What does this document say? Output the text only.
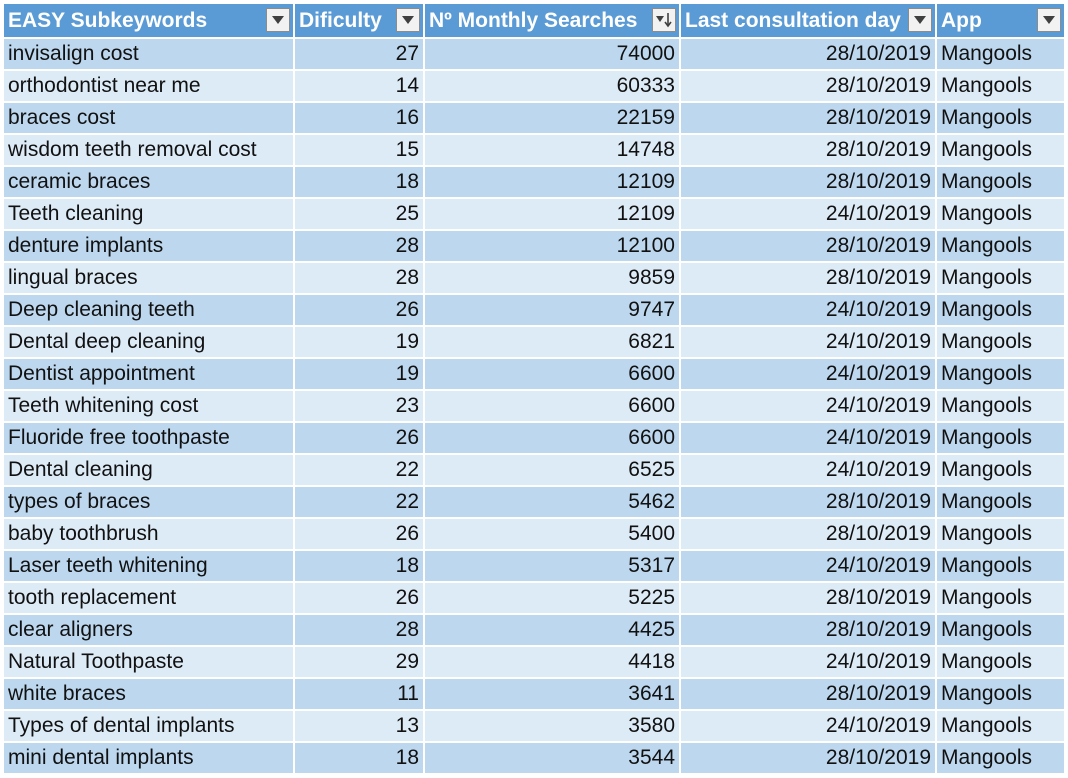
EASY Subkeywords	Dificulty	Nº Monthly Searches	Last consultation day	App

invisalign cost	27	74000	28/10/2019	Mangools
orthodontist near me	14	60333	28/10/2019	Mangools
braces cost	16	22159	28/10/2019	Mangools
wisdom teeth removal cost	15	14748	28/10/2019	Mangools
ceramic braces	18	12109	28/10/2019	Mangools
Teeth cleaning	25	12109	24/10/2019	Mangools
denture implants	28	12100	28/10/2019	Mangools
lingual braces	28	9859	28/10/2019	Mangools
Deep cleaning teeth	26	9747	24/10/2019	Mangools
Dental deep cleaning	19	6821	24/10/2019	Mangools
Dentist appointment	19	6600	24/10/2019	Mangools
Teeth whitening cost	23	6600	24/10/2019	Mangools
Fluoride free toothpaste	26	6600	24/10/2019	Mangools
Dental cleaning	22	6525	24/10/2019	Mangools
types of braces	22	5462	28/10/2019	Mangools
baby toothbrush	26	5400	28/10/2019	Mangools
Laser teeth whitening	18	5317	24/10/2019	Mangools
tooth replacement	26	5225	28/10/2019	Mangools
clear aligners	28	4425	28/10/2019	Mangools
Natural Toothpaste	29	4418	24/10/2019	Mangools
white braces	11	3641	28/10/2019	Mangools
Types of dental implants	13	3580	24/10/2019	Mangools
mini dental implants	18	3544	28/10/2019	Mangools
